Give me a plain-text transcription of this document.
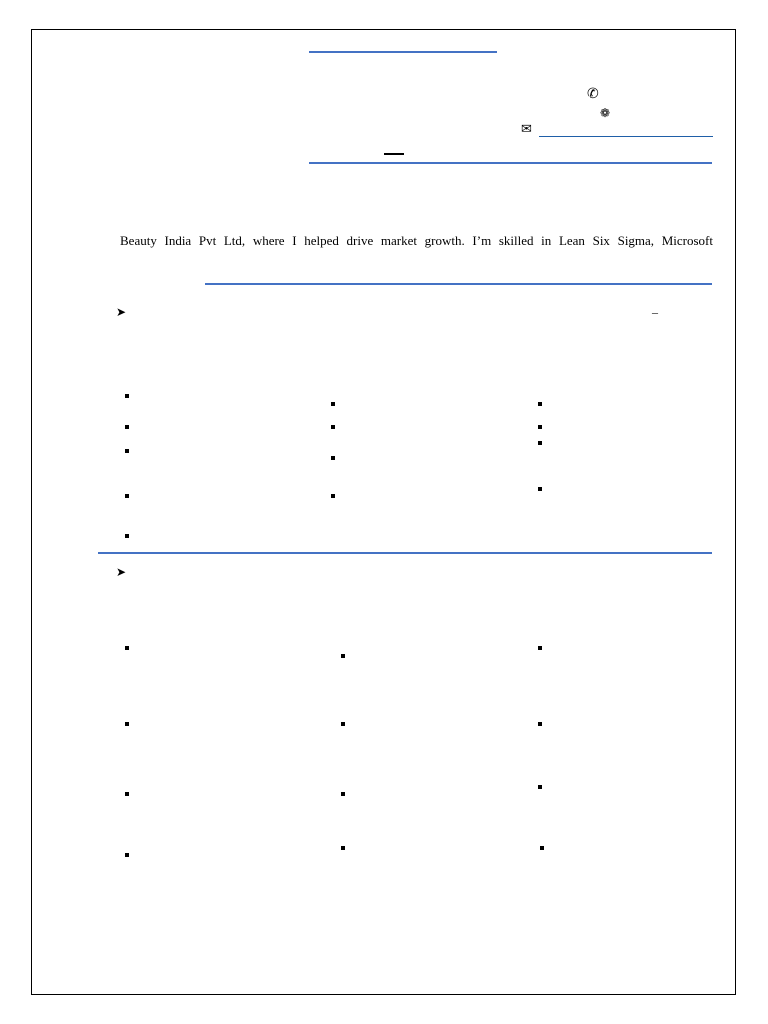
✆
❁
✉
Beauty India Pvt Ltd, where I helped drive market growth. I’m skilled in Lean Six Sigma, Microsoft
➤	–
➤
